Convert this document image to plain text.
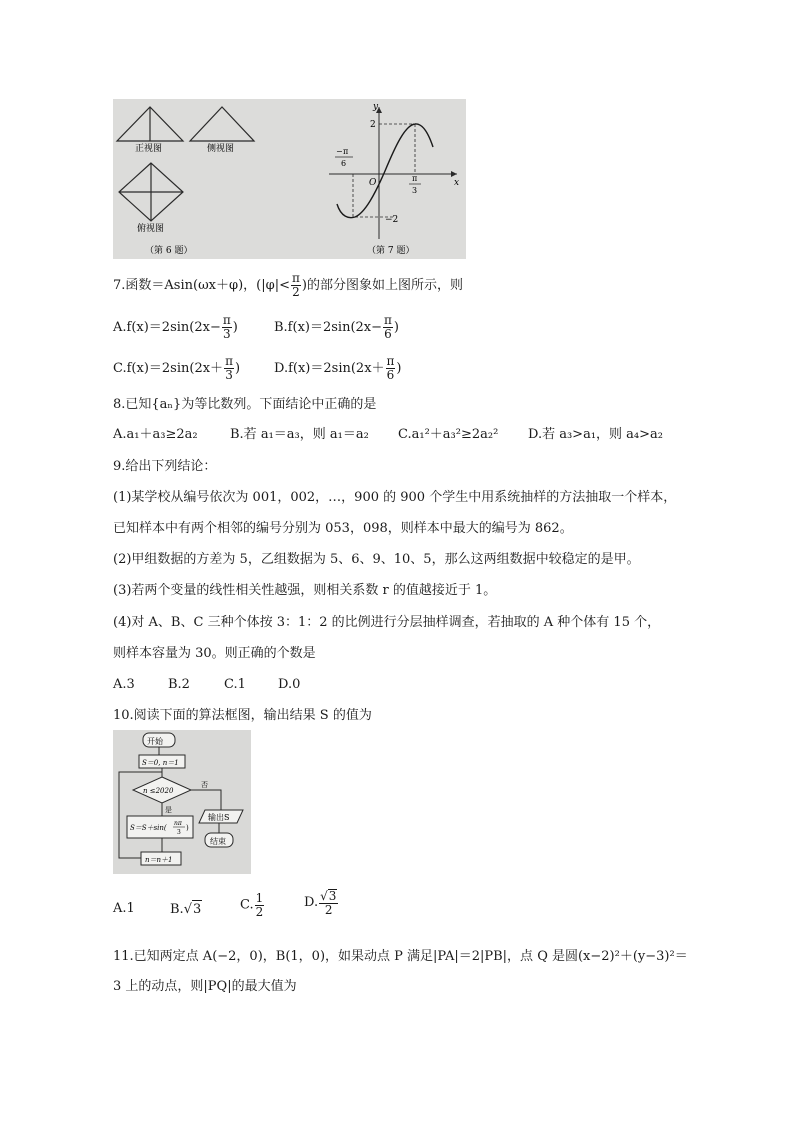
正视图	侧视图
俯视图
（第 6 题）
y
x
2
−2
O
− π
6
π
3
（第 7 题）
7.函数＝Asin(ωx＋φ)，($|\varphi|< \frac{\pi}{2}$ )的部分图象如上图所示，则
$A.f(x)=2\sin(2x- \frac{\pi}{3}$ )	$B.f(x)=2\sin(2x- \frac{\pi}{6}$ )
$C.f(x)=2\sin(2x+ \frac{\pi}{3}$ )	$D.f(x)=2\sin(2x+ \frac{\pi}{6}$ )
8.已知{aₙ}为等比数列。下面结论中正确的是
A.a₁＋a₃≥2a₂ B.若 a₁＝a₃，则 a₁＝a₂ C.a₁²＋a₃²≥2a₂² D.若 a₃>a₁，则 a₄>a₂
9.给出下列结论：
(1)某学校从编号依次为 001，002，…，900 的 900 个学生中用系统抽样的方法抽取一个样本，
已知样本中有两个相邻的编号分别为 053，098，则样本中最大的编号为 862。
(2)甲组数据的方差为 5，乙组数据为 5、6、9、10、5，那么这两组数据中较稳定的是甲。
(3)若两个变量的线性相关性越强，则相关系数 r 的值越接近于 1。
(4)对 A、B、C 三种个体按 3：1：2 的比例进行分层抽样调查，若抽取的 A 种个体有 15 个，
则样本容量为 30。则正确的个数是
A.3	B.2	C.1 D.0
10.阅读下面的算法框图，输出结果 S 的值为
开始
S＝0, n＝1
n ≤2020
否
是
S＝S＋sin(
nπ
3
)
输出S
结束
n＝n＋1
A.1	B.√3	C. $\frac{1}{2}$	D. $\frac{√3}{2}$
11.已知两定点 A(−2，0)，B(1，0)，如果动点 P 满足|PA|＝2|PB|，点 Q 是圆(x−2)²＋(y−3)²＝
3 上的动点，则|PQ|的最大值为
